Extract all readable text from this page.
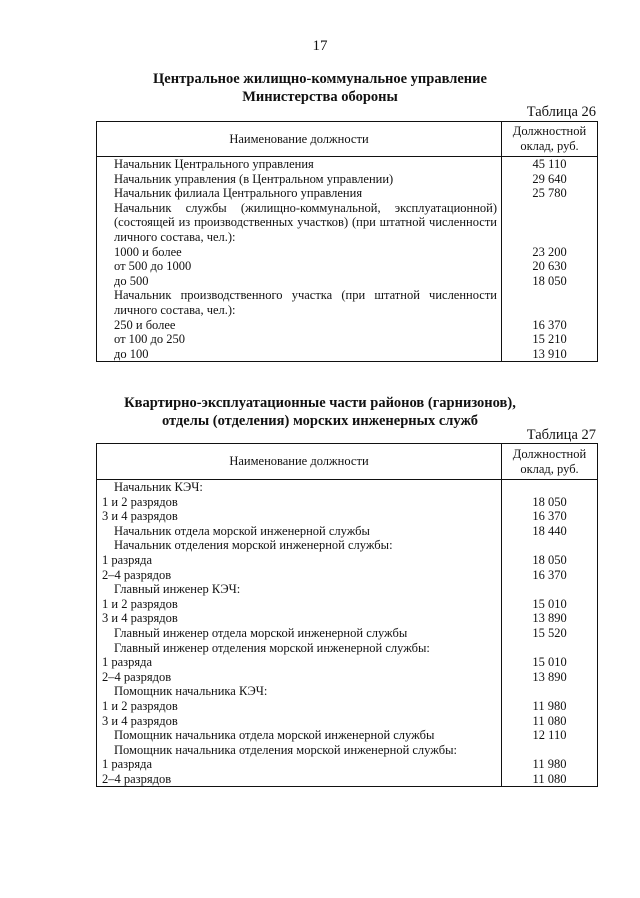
17
Центральное жилищно-коммунальное управление
Министерства обороны
Таблица 26
Наименование должности	Должностной
оклад, руб.

Начальник Центрального управления	45 110
Начальник управления (в Центральном управлении)	29 640
Начальник филиала Центрального управления	25 780
Начальник службы (жилищно-коммунальной, эксплуатационной) (состоящей из производственных участков) (при штатной численности личного состава, чел.):	
1000 и более	23 200
от 500 до 1000	20 630
до 500	18 050
Начальник производственного участка (при штатной численности личного состава, чел.):	
250 и более	16 370
от 100 до 250	15 210
до 100	13 910
Квартирно-эксплуатационные части районов (гарнизонов),
отделы (отделения) морских инженерных служб
Таблица 27
Наименование должности	Должностной
оклад, руб.

Начальник КЭЧ:	
1 и 2 разрядов	18 050
3 и 4 разрядов	16 370
Начальник отдела морской инженерной службы	18 440
Начальник отделения морской инженерной службы:	
1 разряда	18 050
2–4 разрядов	16 370
Главный инженер КЭЧ:	
1 и 2 разрядов	15 010
3 и 4 разрядов	13 890
Главный инженер отдела морской инженерной службы	15 520
Главный инженер отделения морской инженерной службы:	
1 разряда	15 010
2–4 разрядов	13 890
Помощник начальника КЭЧ:	
1 и 2 разрядов	11 980
3 и 4 разрядов	11 080
Помощник начальника отдела морской инженерной службы	12 110
Помощник начальника отделения морской инженерной службы:	
1 разряда	11 980
2–4 разрядов	11 080
